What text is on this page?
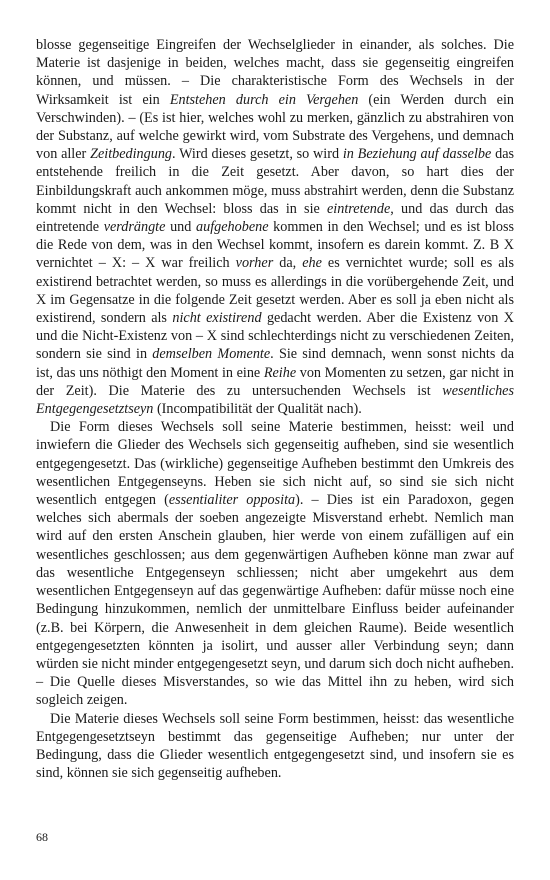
blosse gegenseitige Eingreifen der Wechselglieder in einander, als solches. Die Materie ist dasjenige in beiden, welches macht, dass sie gegenseitig eingreifen können, und müssen. – Die charakteristische Form des Wechsels in der Wirksamkeit ist ein Entstehen durch ein Vergehen (ein Werden durch ein Verschwinden). – (Es ist hier, welches wohl zu merken, gänzlich zu abstrahiren von der Substanz, auf welche gewirkt wird, vom Substrate des Vergehens, und demnach von aller Zeitbedingung. Wird dieses gesetzt, so wird in Beziehung auf dasselbe das entstehende freilich in die Zeit gesetzt. Aber davon, so hart dies der Einbildungskraft auch ankommen möge, muss abstrahirt werden, denn die Substanz kommt nicht in den Wechsel: bloss das in sie eintretende, und das durch das eintretende verdrängte und aufgehobene kommen in den Wechsel; und es ist bloss die Rede von dem, was in den Wechsel kommt, insofern es darein kommt. Z. B X vernichtet – X: – X war freilich vorher da, ehe es vernichtet wurde; soll es als existirend betrachtet werden, so muss es allerdings in die vorübergehende Zeit, und X im Gegensatze in die folgende Zeit gesetzt werden. Aber es soll ja eben nicht als existirend, sondern als nicht existirend gedacht werden. Aber die Existenz von X und die Nicht-Existenz von – X sind schlechterdings nicht zu verschiedenen Zeiten, sondern sie sind in demselben Momente. Sie sind demnach, wenn sonst nichts da ist, das uns nöthigt den Moment in eine Reihe von Momenten zu setzen, gar nicht in der Zeit). Die Materie des zu untersuchenden Wechsels ist wesentliches Entgegengesetztseyn (Incompatibilität der Qualität nach).

Die Form dieses Wechsels soll seine Materie bestimmen, heisst: weil und inwiefern die Glieder des Wechsels sich gegenseitig aufheben, sind sie wesentlich entgegengesetzt. Das (wirkliche) gegenseitige Aufheben bestimmt den Umkreis des wesentlichen Entgegenseyns. Heben sie sich nicht auf, so sind sie sich nicht wesentlich entgegen (essentialiter opposita). – Dies ist ein Paradoxon, gegen welches sich abermals der soeben angezeigte Misverstand erhebt. Nemlich man wird auf den ersten Anschein glauben, hier werde von einem zufälligen auf ein wesentliches geschlossen; aus dem gegenwärtigen Aufheben könne man zwar auf das wesentliche Entgegenseyn schliessen; nicht aber umgekehrt aus dem wesentlichen Entgegenseyn auf das gegenwärtige Aufheben: dafür müsse noch eine Bedingung hinzukommen, nemlich der unmittelbare Einfluss beider aufeinander (z.B. bei Körpern, die Anwesenheit in dem gleichen Raume). Beide wesentlich entgegengesetzten könnten ja isolirt, und ausser aller Verbindung seyn; dann würden sie nicht minder entgegengesetzt seyn, und darum sich doch nicht aufheben. – Die Quelle dieses Misverstandes, so wie das Mittel ihn zu heben, wird sich sogleich zeigen.

Die Materie dieses Wechsels soll seine Form bestimmen, heisst: das wesentliche Entgegengesetztseyn bestimmt das gegenseitige Aufheben; nur unter der Bedingung, dass die Glieder wesentlich entgegengesetzt sind, und insofern sie es sind, können sie sich gegenseitig aufheben.

68
